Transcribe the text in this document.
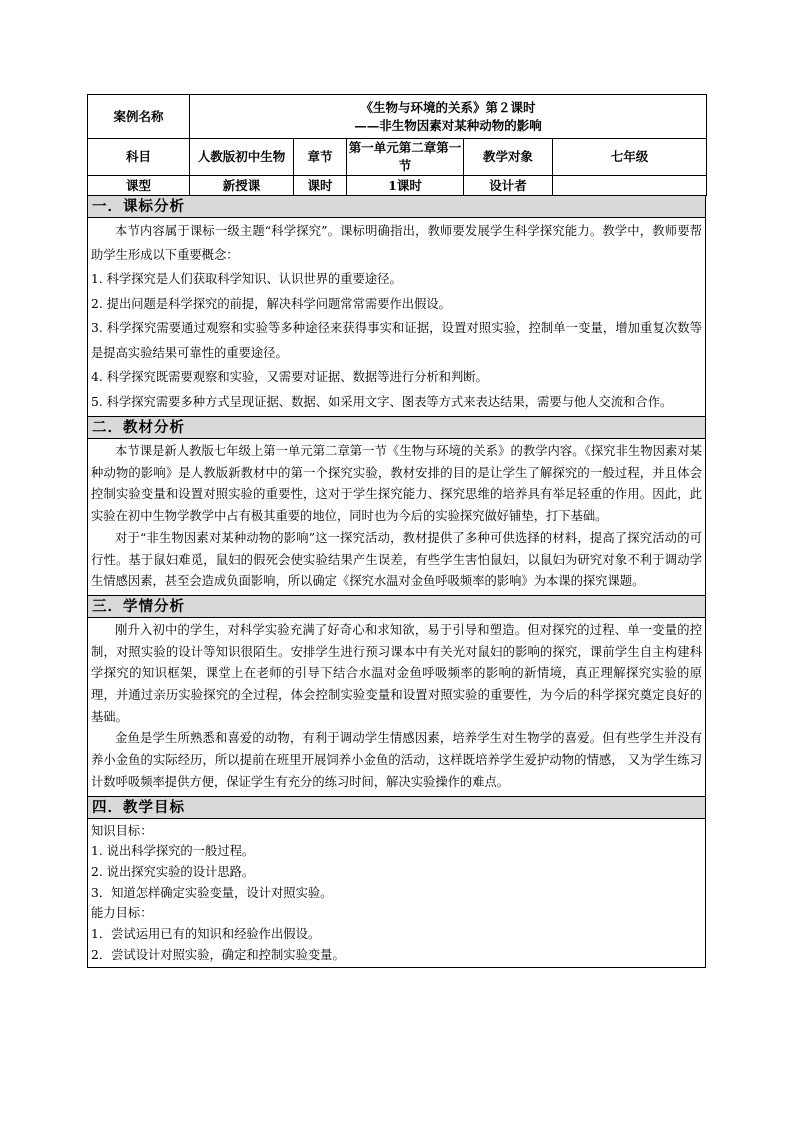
案例名称	《生物与环境的关系》第２课时
——非生物因素对某种动物的影响				

科目	人教版初中生物	章节	第一单元第二章第一节	教学对象	七年级
课型	新授课	课时	1课时	设计者	
一．课标分析

本节内容属于课标一级主题“科学探究”。课标明确指出，教师要发展学生科学探究能力。教学中，教师要帮助学生形成以下重要概念：

1. 科学探究是人们获取科学知识、认识世界的重要途径。

2. 提出问题是科学探究的前提，解决科学问题常常需要作出假设。

3. 科学探究需要通过观察和实验等多种途径来获得事实和证据，设置对照实验，控制单一变量，增加重复次数等是提高实验结果可靠性的重要途径。

4. 科学探究既需要观察和实验，又需要对证据、数据等进行分析和判断。

5. 科学探究需要多种方式呈现证据、数据、如采用文字、图表等方式来表达结果，需要与他人交流和合作。

二．教材分析

本节课是新人教版七年级上第一单元第二章第一节《生物与环境的关系》的教学内容。《探究非生物因素对某种动物的影响》是人教版新教材中的第一个探究实验，教材安排的目的是让学生了解探究的一般过程，并且体会控制实验变量和设置对照实验的重要性，这对于学生探究能力、探究思维的培养具有举足轻重的作用。因此，此实验在初中生物学教学中占有极其重要的地位，同时也为今后的实验探究做好铺垫，打下基础。

对于“非生物因素对某种动物的影响”这一探究活动，教材提供了多种可供选择的材料，提高了探究活动的可行性。基于鼠妇难觅，鼠妇的假死会使实验结果产生误差，有些学生害怕鼠妇，以鼠妇为研究对象不利于调动学生情感因素，甚至会造成负面影响，所以确定《探究水温对金鱼呼吸频率的影响》为本课的探究课题。

三．学情分析

刚升入初中的学生，对科学实验充满了好奇心和求知欲，易于引导和塑造。但对探究的过程、单一变量的控制，对照实验的设计等知识很陌生。安排学生进行预习课本中有关光对鼠妇的影响的探究，课前学生自主构建科学探究的知识框架，课堂上在老师的引导下结合水温对金鱼呼吸频率的影响的新情境，真正理解探究实验的原理，并通过亲历实验探究的全过程，体会控制实验变量和设置对照实验的重要性，为今后的科学探究奠定良好的基础。

金鱼是学生所熟悉和喜爱的动物，有利于调动学生情感因素，培养学生对生物学的喜爱。但有些学生并没有养小金鱼的实际经历，所以提前在班里开展饲养小金鱼的活动，这样既培养学生爱护动物的情感， 又为学生练习计数呼吸频率提供方便，保证学生有充分的练习时间，解决实验操作的难点。

四．教学目标

知识目标：

1. 说出科学探究的一般过程。

2. 说出探究实验的设计思路。

3．知道怎样确定实验变量，设计对照实验。

能力目标：

1．尝试运用已有的知识和经验作出假设。

2．尝试设计对照实验，确定和控制实验变量。
